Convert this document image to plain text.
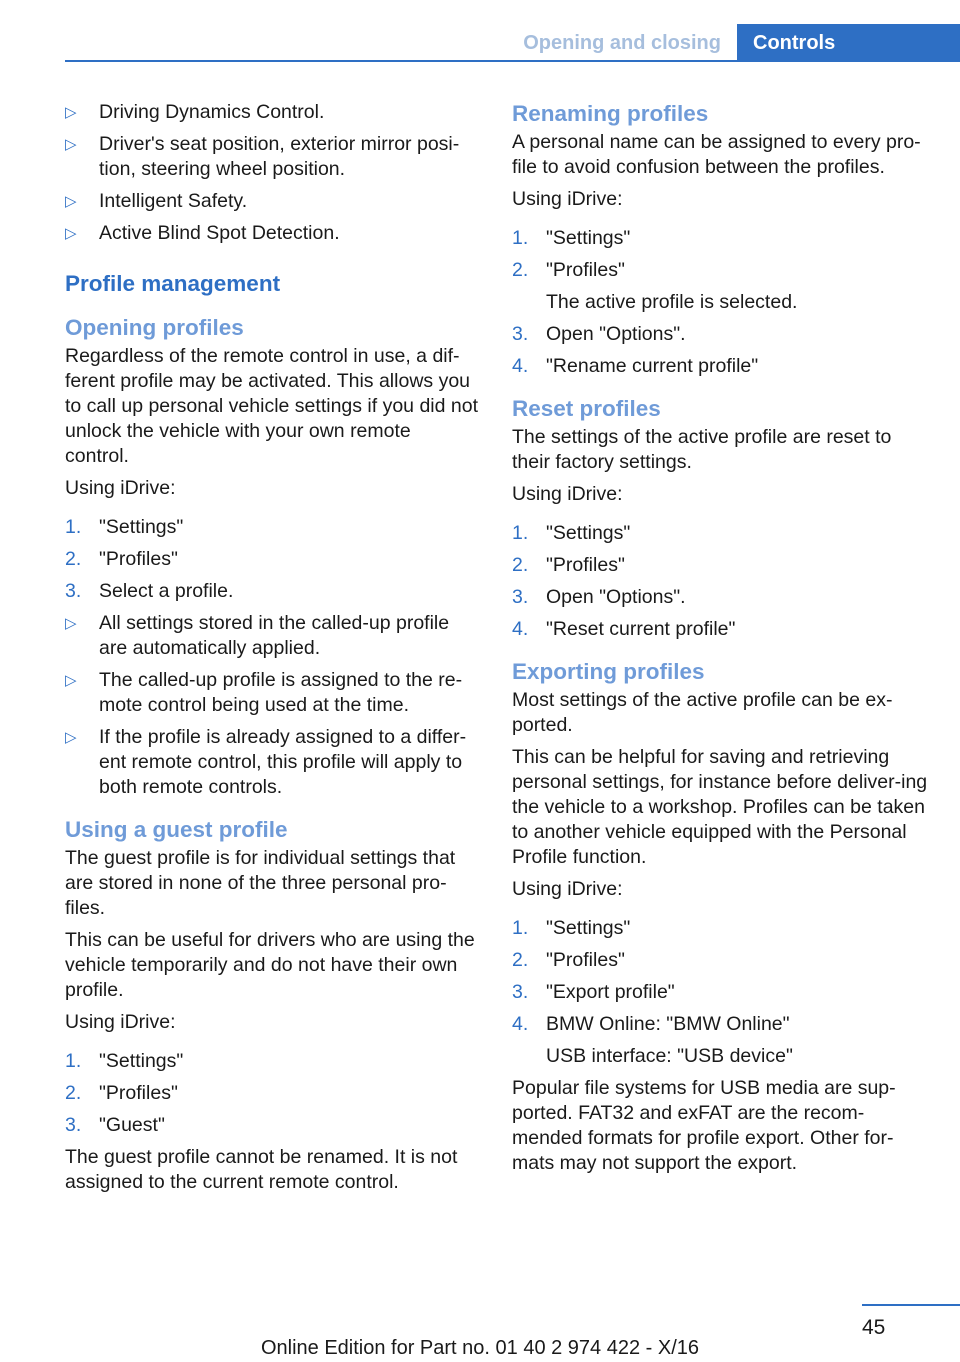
Opening and closing	Controls
▷ Driving Dynamics Control.
▷ Driver's seat position, exterior mirror posi-tion, steering wheel position.
▷ Intelligent Safety.
▷ Active Blind Spot Detection.
Profile management
Opening profiles

Regardless of the remote control in use, a dif-ferent profile may be activated. This allows you to call up personal vehicle settings if you did not unlock the vehicle with your own remote control.

Using iDrive:

1. "Settings"
2. "Profiles"
3. Select a profile.
▷ All settings stored in the called-up profile are automatically applied.
▷ The called-up profile is assigned to the re-mote control being used at the time.
▷ If the profile is already assigned to a differ-ent remote control, this profile will apply to both remote controls.
Using a guest profile

The guest profile is for individual settings that are stored in none of the three personal pro-files.

This can be useful for drivers who are using the vehicle temporarily and do not have their own profile.

Using iDrive:

1. "Settings"
2. "Profiles"
3. "Guest"

The guest profile cannot be renamed. It is not assigned to the current remote control.

Renaming profiles

A personal name can be assigned to every pro-file to avoid confusion between the profiles.

Using iDrive:

1. "Settings"
2. "Profiles"
The active profile is selected.
3. Open "Options".
4. "Rename current profile"
Reset profiles

The settings of the active profile are reset to their factory settings.

Using iDrive:

1. "Settings"
2. "Profiles"
3. Open "Options".
4. "Reset current profile"
Exporting profiles

Most settings of the active profile can be ex-ported.

This can be helpful for saving and retrieving personal settings, for instance before deliver-ing the vehicle to a workshop. Profiles can be taken to another vehicle equipped with the Personal Profile function.

Using iDrive:

1. "Settings"
2. "Profiles"
3. "Export profile"
4. BMW Online: "BMW Online"
USB interface: "USB device"

Popular file systems for USB media are sup-ported. FAT32 and exFAT are the recom-mended formats for profile export. Other for-mats may not support the export.

45
Online Edition for Part no. 01 40 2 974 422 - X/16
